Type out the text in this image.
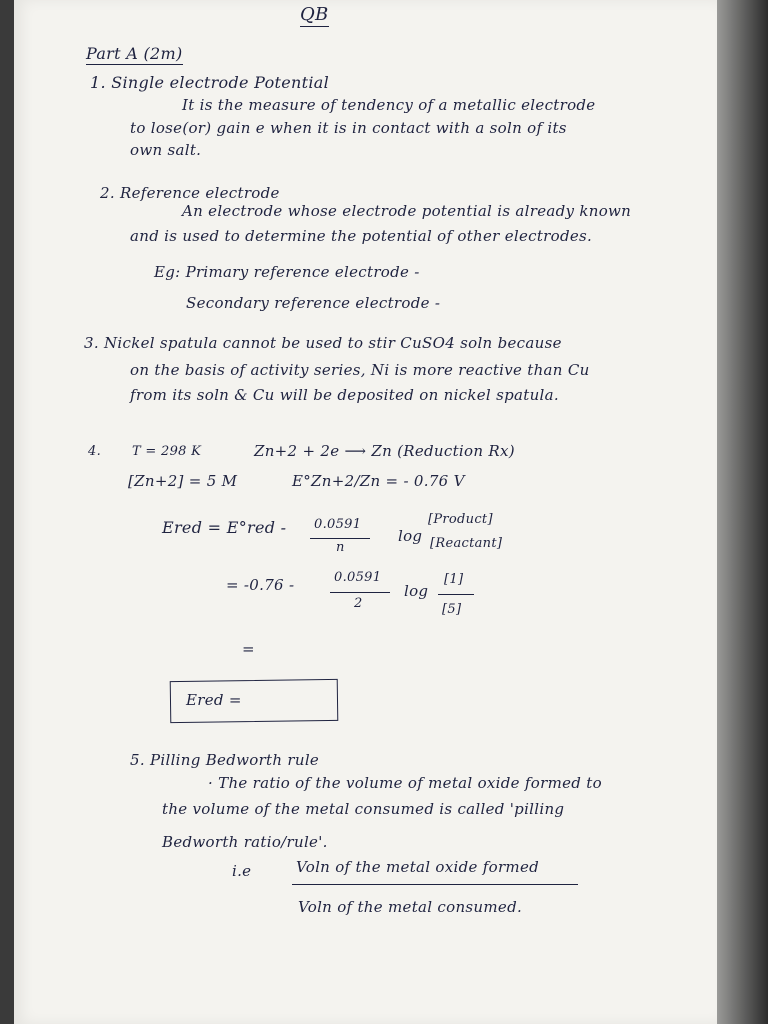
QB
Part A (2m)
1. Single electrode Potential
It is the measure of tendency of a metallic electrode
to lose(or) gain e when it is in contact with a soln of its
own salt.
2. Reference electrode
An electrode whose electrode potential is already known
and is used to determine the potential of other electrodes.
Eg: Primary reference electrode -
Secondary reference electrode -
3. Nickel spatula cannot be used to stir CuSO4 soln because
on the basis of activity series, Ni is more reactive than Cu
from its soln & Cu will be deposited on nickel spatula.
4. T = 298 K	Zn+2 + 2e ⟶ Zn (Reduction Rx)
[Zn+2] = 5 M	E°Zn+2/Zn = - 0.76 V
Ered = E°red - 0.0591
n
log
[Product]
[Reactant]
= -0.76 -	0.0591
2
log
[1]
[5]
=
Ered =
5. Pilling Bedworth rule
· The ratio of the volume of metal oxide formed to
the volume of the metal consumed is called 'pilling
Bedworth ratio/rule'.
i.e	Voln of the metal oxide formed
Voln of the metal consumed.
